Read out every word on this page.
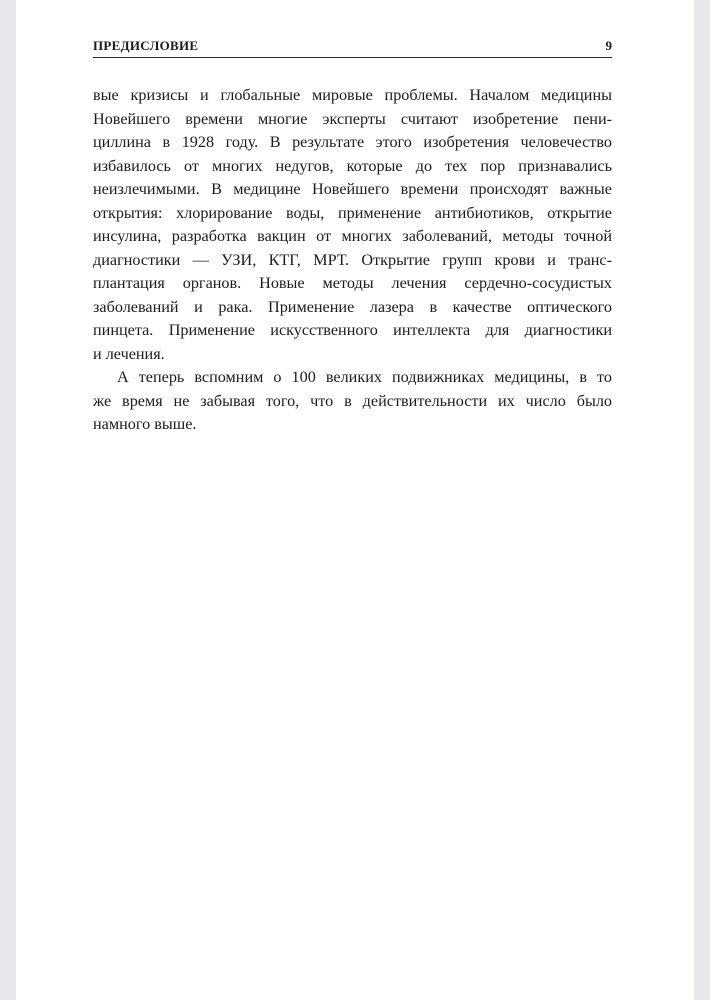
ПРЕДИСЛОВИЕ	9
вые кризисы и глобальные мировые проблемы. Началом медицины
Новейшего времени многие эксперты считают изобретение пени-
циллина в 1928 году. В результате этого изобретения человечество
избавилось от многих недугов, которые до тех пор признавались
неизлечимыми. В медицине Новейшего времени происходят важные
открытия: хлорирование воды, применение антибиотиков, открытие
инсулина, разработка вакцин от многих заболеваний, методы точной
диагностики — УЗИ, КТГ, МРТ. Открытие групп крови и транс-
плантация органов. Новые методы лечения сердечно-сосудистых
заболеваний и рака. Применение лазера в качестве оптического
пинцета. Применение искусственного интеллекта для диагностики
и лечения.
А теперь вспомним о 100 великих подвижниках медицины, в то
же время не забывая того, что в действительности их число было
намного выше.
